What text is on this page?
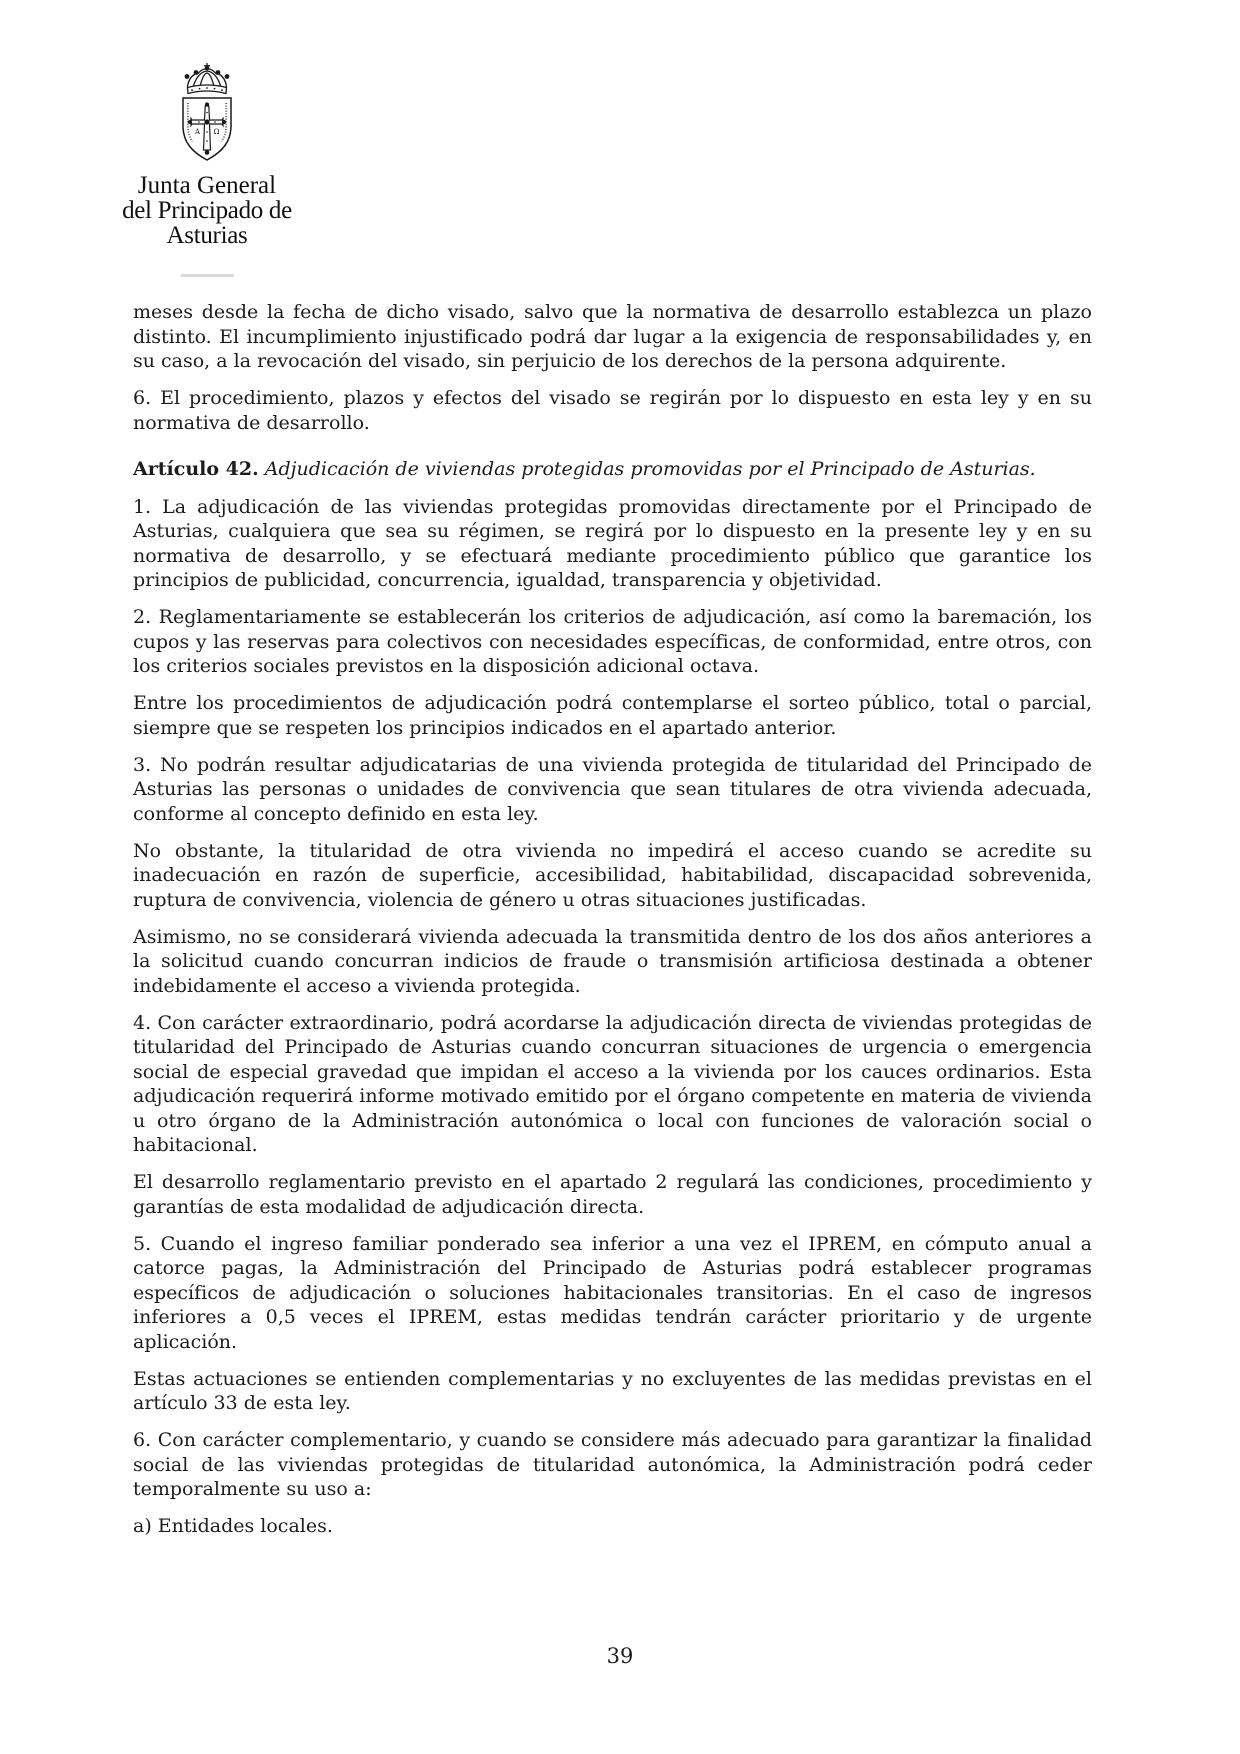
Α Ω
Junta General
del Principado de Asturias

meses desde la fecha de dicho visado, salvo que la normativa de desarrollo establezca un plazo distinto. El incumplimiento injustificado podrá dar lugar a la exigencia de responsabilidades y, en su caso, a la revocación del visado, sin perjuicio de los derechos de la persona adquirente.

6. El procedimiento, plazos y efectos del visado se regirán por lo dispuesto en esta ley y en su normativa de desarrollo.

Artículo 42. Adjudicación de viviendas protegidas promovidas por el Principado de Asturias.

1. La adjudicación de las viviendas protegidas promovidas directamente por el Principado de Asturias, cualquiera que sea su régimen, se regirá por lo dispuesto en la presente ley y en su normativa de desarrollo, y se efectuará mediante procedimiento público que garantice los principios de publicidad, concurrencia, igualdad, transparencia y objetividad.

2. Reglamentariamente se establecerán los criterios de adjudicación, así como la baremación, los cupos y las reservas para colectivos con necesidades específicas, de conformidad, entre otros, con los criterios sociales previstos en la disposición adicional octava.

Entre los procedimientos de adjudicación podrá contemplarse el sorteo público, total o parcial, siempre que se respeten los principios indicados en el apartado anterior.

3. No podrán resultar adjudicatarias de una vivienda protegida de titularidad del Principado de Asturias las personas o unidades de convivencia que sean titulares de otra vivienda adecuada, conforme al concepto definido en esta ley.

No obstante, la titularidad de otra vivienda no impedirá el acceso cuando se acredite su inadecuación en razón de superficie, accesibilidad, habitabilidad, discapacidad sobrevenida, ruptura de convivencia, violencia de género u otras situaciones justificadas.

Asimismo, no se considerará vivienda adecuada la transmitida dentro de los dos años anteriores a la solicitud cuando concurran indicios de fraude o transmisión artificiosa destinada a obtener indebidamente el acceso a vivienda protegida.

4. Con carácter extraordinario, podrá acordarse la adjudicación directa de viviendas protegidas de titularidad del Principado de Asturias cuando concurran situaciones de urgencia o emergencia social de especial gravedad que impidan el acceso a la vivienda por los cauces ordinarios. Esta adjudicación requerirá informe motivado emitido por el órgano competente en materia de vivienda u otro órgano de la Administración autonómica o local con funciones de valoración social o habitacional.

El desarrollo reglamentario previsto en el apartado 2 regulará las condiciones, procedimiento y garantías de esta modalidad de adjudicación directa.

5. Cuando el ingreso familiar ponderado sea inferior a una vez el IPREM, en cómputo anual a catorce pagas, la Administración del Principado de Asturias podrá establecer programas específicos de adjudicación o soluciones habitacionales transitorias. En el caso de ingresos inferiores a 0,5 veces el IPREM, estas medidas tendrán carácter prioritario y de urgente aplicación.

Estas actuaciones se entienden complementarias y no excluyentes de las medidas previstas en el artículo 33 de esta ley.

6. Con carácter complementario, y cuando se considere más adecuado para garantizar la finalidad social de las viviendas protegidas de titularidad autonómica, la Administración podrá ceder temporalmente su uso a:

a) Entidades locales.

39
